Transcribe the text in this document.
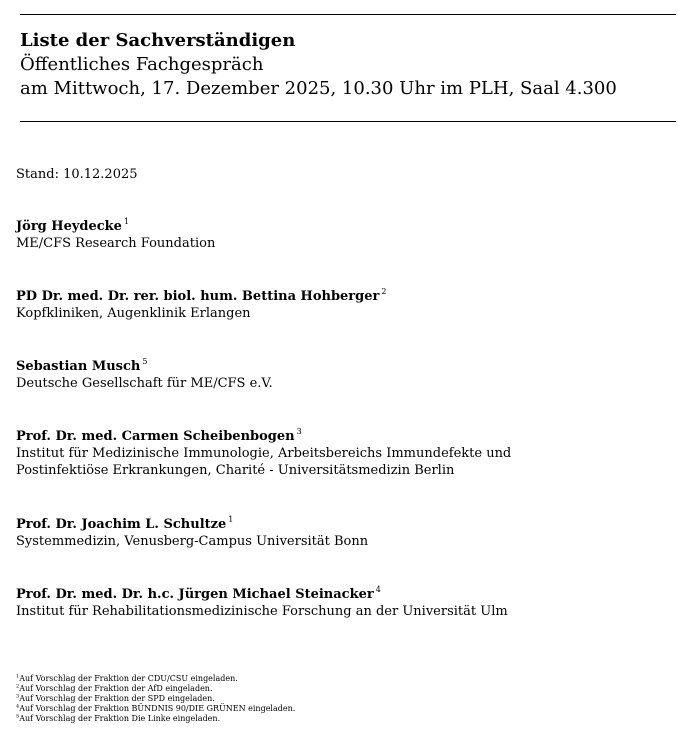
Liste der Sachverständigen
Öffentliches Fachgespräch
am Mittwoch, 17. Dezember 2025, 10.30 Uhr im PLH, Saal 4.300
Stand: 10.12.2025
Jörg Heydecke $^1$
ME/CFS Research Foundation
PD Dr. med. Dr. rer. biol. hum. Bettina Hohberger $^2$
Kopfkliniken, Augenklinik Erlangen
Sebastian Musch $^5$
Deutsche Gesellschaft für ME/CFS e.V.
Prof. Dr. med. Carmen Scheibenbogen $^3$
Institut für Medizinische Immunologie, Arbeitsbereichs Immundefekte und
Postinfektiöse Erkrankungen, Charité - Universitätsmedizin Berlin
Prof. Dr. Joachim L. Schultze $^1$
Systemmedizin, Venusberg-Campus Universität Bonn
Prof. Dr. med. Dr. h.c. Jürgen Michael Steinacker $^4$
Institut für Rehabilitationsmedizinische Forschung an der Universität Ulm
$^1$Auf Vorschlag der Fraktion der CDU/CSU eingeladen.
$^2$Auf Vorschlag der Fraktion der AfD eingeladen.
$^3$Auf Vorschlag der Fraktion der SPD eingeladen.
$^4$Auf Vorschlag der Fraktion BÜNDNIS 90/DIE GRÜNEN eingeladen.
$^5$Auf Vorschlag der Fraktion Die Linke eingeladen.
